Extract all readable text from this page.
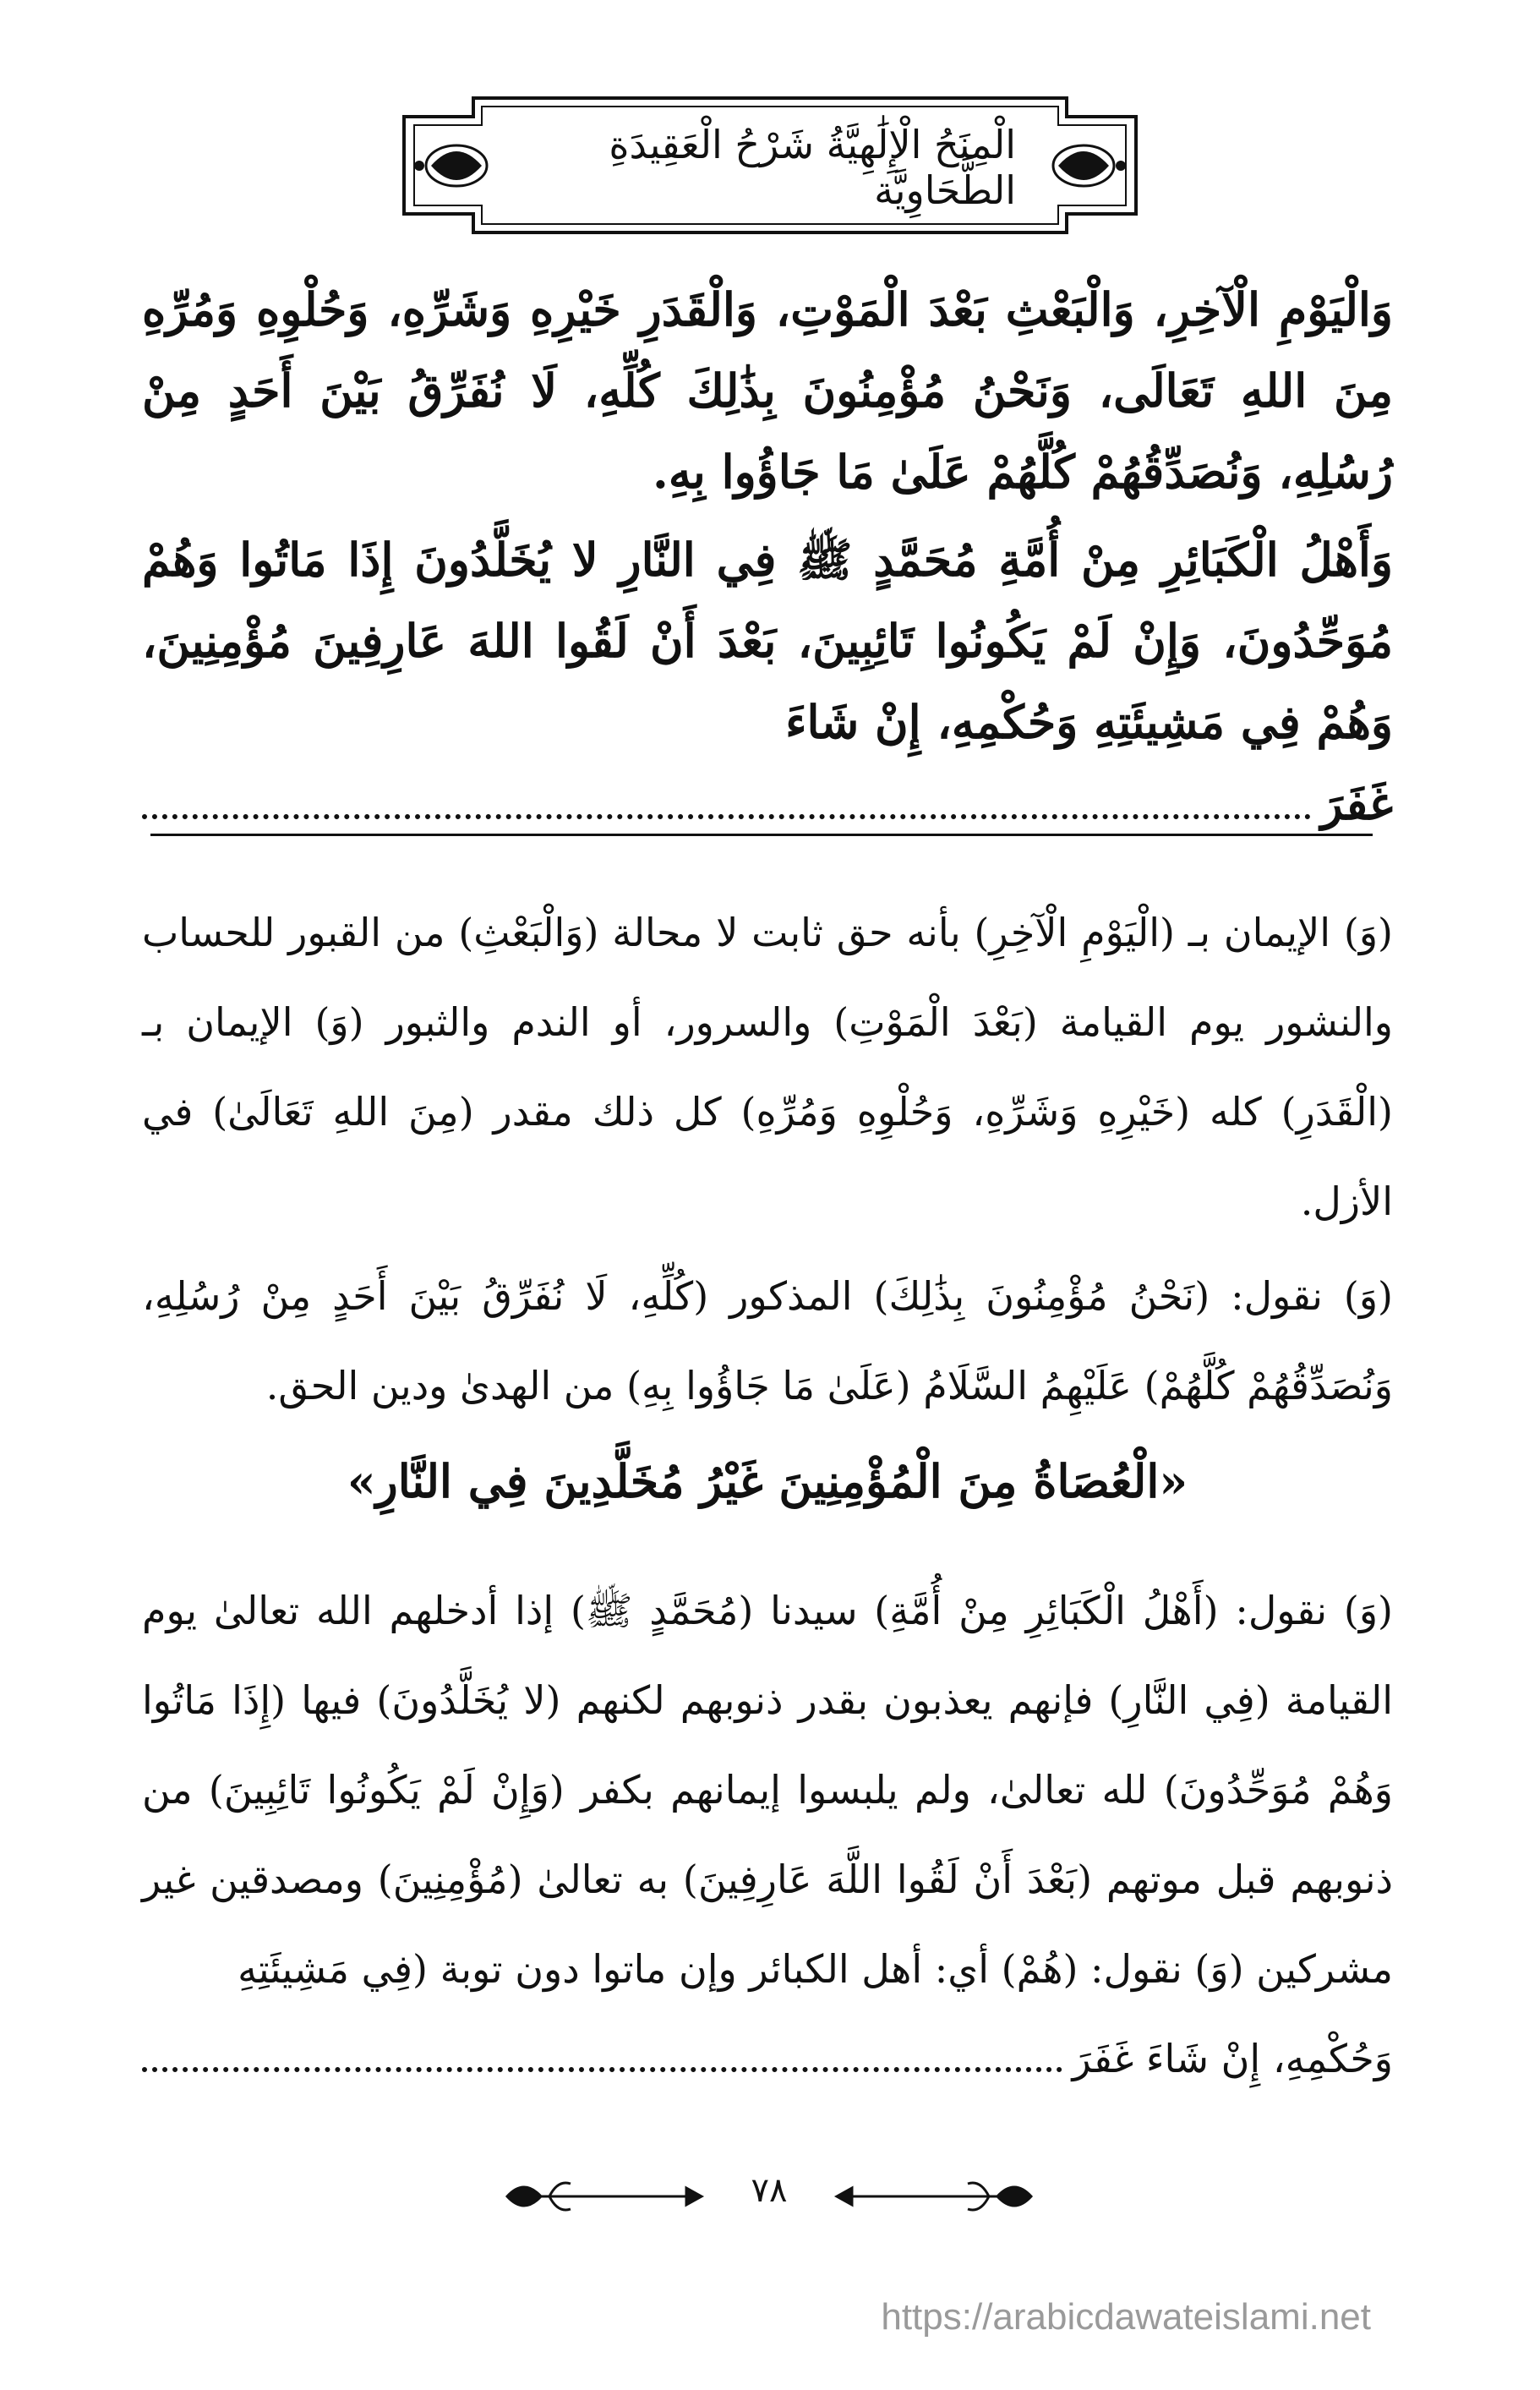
الْمِنَحُ الْإِلَٰهِيَّةُ شَرْحُ الْعَقِيدَةِ الطَّحَاوِيَّة

وَالْيَوْمِ الْآخِرِ، وَالْبَعْثِ بَعْدَ الْمَوْتِ، وَالْقَدَرِ خَيْرِهِ وَشَرِّهِ، وَحُلْوِهِ وَمُرِّهِ مِنَ اللهِ تَعَالَى، وَنَحْنُ مُؤْمِنُونَ بِذَٰلِكَ كُلِّهِ، لَا نُفَرِّقُ بَيْنَ أَحَدٍ مِنْ رُسُلِهِ، وَنُصَدِّقُهُمْ كُلَّهُمْ عَلَىٰ مَا جَاؤُوا بِهِ.

وَأَهْلُ الْكَبَائِرِ مِنْ أُمَّةِ مُحَمَّدٍ ﷺ فِي النَّارِ لا يُخَلَّدُونَ إِذَا مَاتُوا وَهُمْ مُوَحِّدُونَ، وَإِنْ لَمْ يَكُونُوا تَائِبِينَ، بَعْدَ أَنْ لَقُوا اللهَ عَارِفِينَ مُؤْمِنِينَ، وَهُمْ فِي مَشِيئَتِهِ وَحُكْمِهِ، إِنْ شَاءَ

غَفَرَ

(وَ) الإيمان بـ (الْيَوْمِ الْآخِرِ) بأنه حق ثابت لا محالة (وَالْبَعْثِ) من القبور للحساب والنشور يوم القيامة (بَعْدَ الْمَوْتِ) والسرور، أو الندم والثبور (وَ) الإيمان بـ (الْقَدَرِ) كله (خَيْرِهِ وَشَرِّهِ، وَحُلْوِهِ وَمُرِّهِ) كل ذلك مقدر (مِنَ اللهِ تَعَالَىٰ) في الأزل.

(وَ) نقول: (نَحْنُ مُؤْمِنُونَ بِذَٰلِكَ) المذكور (كُلِّهِ، لَا نُفَرِّقُ بَيْنَ أَحَدٍ مِنْ رُسُلِهِ، وَنُصَدِّقُهُمْ كُلَّهُمْ) عَلَيْهِمُ السَّلَامُ (عَلَىٰ مَا جَاؤُوا بِهِ) من الهدىٰ ودين الحق.

«الْعُصَاةُ مِنَ الْمُؤْمِنِينَ غَيْرُ مُخَلَّدِينَ فِي النَّارِ»

(وَ) نقول: (أَهْلُ الْكَبَائِرِ مِنْ أُمَّةِ) سيدنا (مُحَمَّدٍ ﷺ) إذا أدخلهم الله تعالىٰ يوم القيامة (فِي النَّارِ) فإنهم يعذبون بقدر ذنوبهم لكنهم (لا يُخَلَّدُونَ) فيها (إِذَا مَاتُوا وَهُمْ مُوَحِّدُونَ) لله تعالىٰ، ولم يلبسوا إيمانهم بكفر (وَإِنْ لَمْ يَكُونُوا تَائِبِينَ) من ذنوبهم قبل موتهم (بَعْدَ أَنْ لَقُوا اللَّهَ عَارِفِينَ) به تعالىٰ (مُؤْمِنِينَ) ومصدقين غير مشركين (وَ) نقول: (هُمْ) أي: أهل الكبائر وإن ماتوا دون توبة (فِي مَشِيئَتِهِ

وَحُكْمِهِ، إِنْ شَاءَ غَفَرَ
٧٨
https://arabicdawateislami.net
